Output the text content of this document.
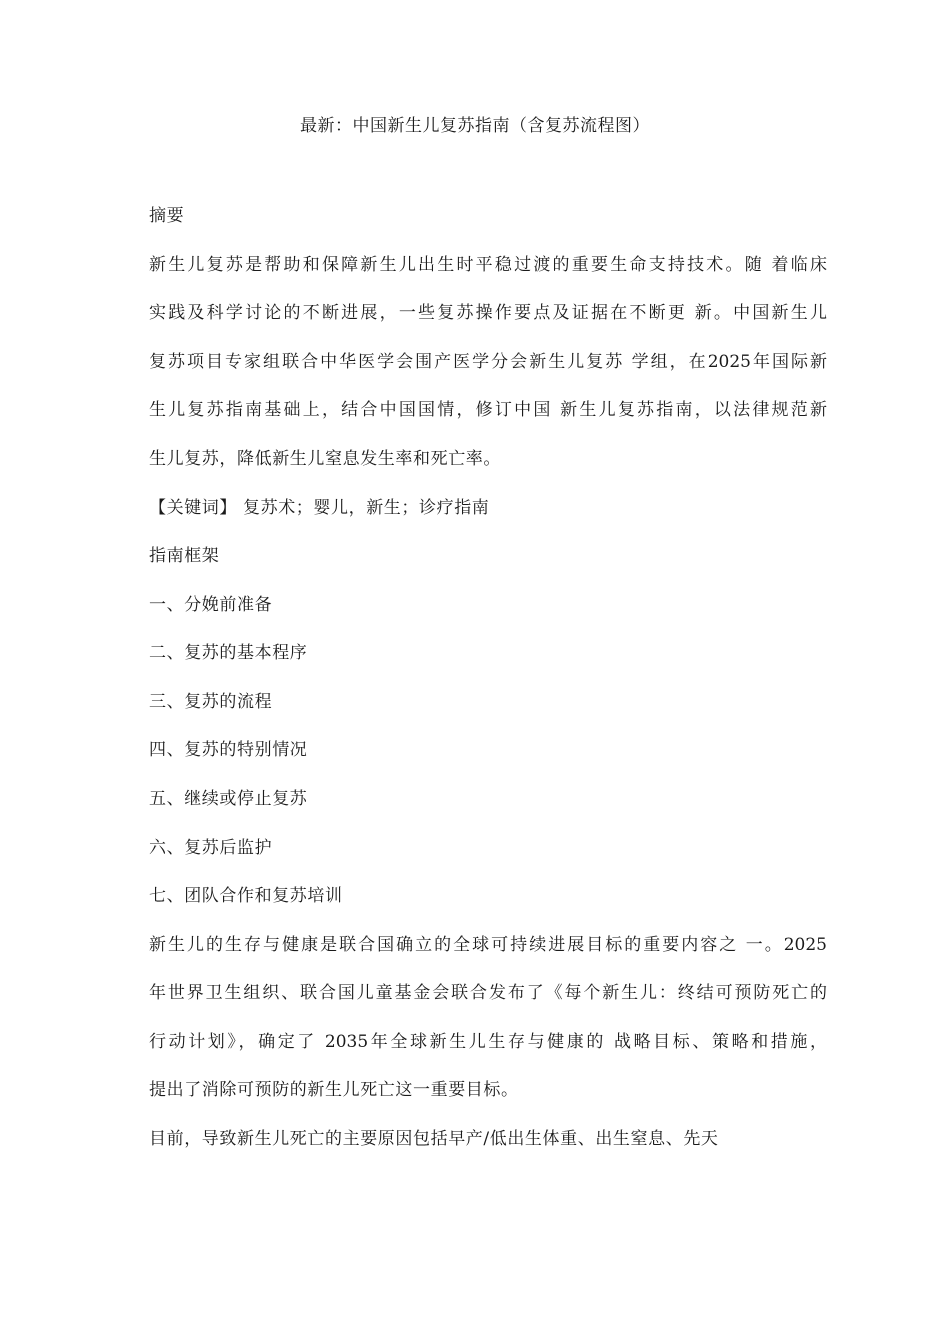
最新：中国新生儿复苏指南（含复苏流程图）
摘要
新生儿复苏是帮助和保障新生儿出生时平稳过渡的重要生命支持技术。随 着临床
实践及科学讨论的不断进展，一些复苏操作要点及证据在不断更 新。中国新生儿
复苏项目专家组联合中华医学会围产医学分会新生儿复苏 学组，在2025年国际新
生儿复苏指南基础上，结合中国国情，修订中国 新生儿复苏指南，以法律规范新
生儿复苏，降低新生儿窒息发生率和死亡率。
【关键词】 复苏术；婴儿，新生；诊疗指南
指南框架
一、分娩前准备
二、复苏的基本程序
三、复苏的流程
四、复苏的特别情况
五、继续或停止复苏
六、复苏后监护
七、团队合作和复苏培训
新生儿的生存与健康是联合国确立的全球可持续进展目标的重要内容之 一。2025
年世界卫生组织、联合国儿童基金会联合发布了《每个新生儿：终结可预防死亡的
行动计划》，确定了 2035年全球新生儿生存与健康的 战略目标、策略和措施，
提出了消除可预防的新生儿死亡这一重要目标。
目前，导致新生儿死亡的主要原因包括早产/低出生体重、出生窒息、先天
